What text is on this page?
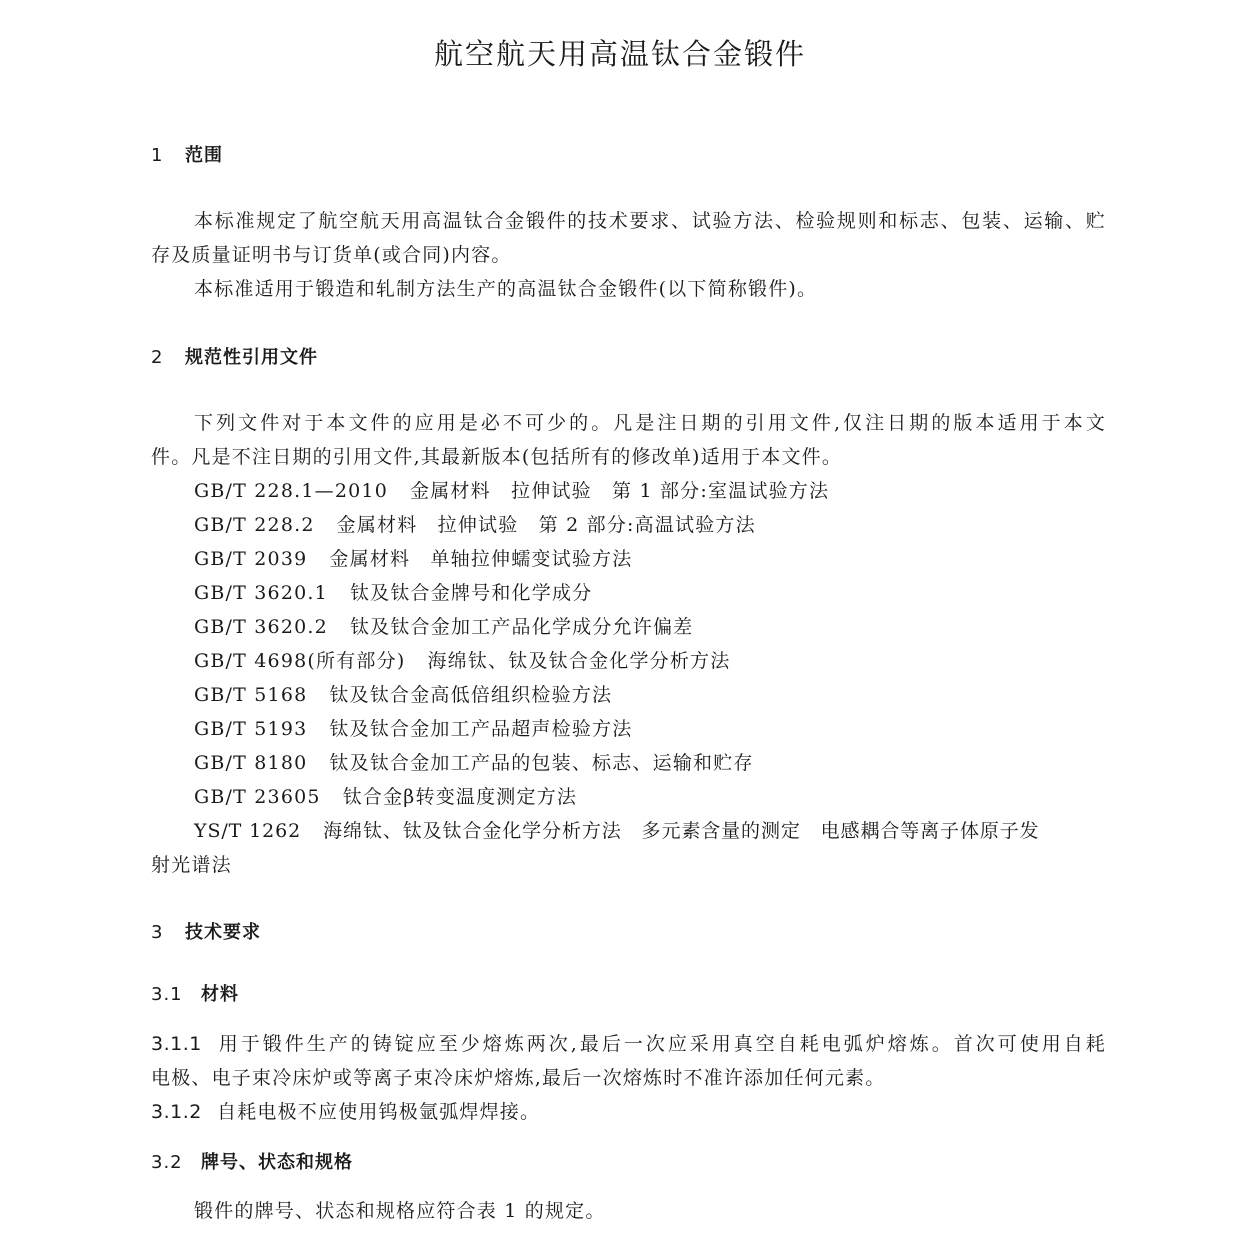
航空航天用高温钛合金锻件
1 范围
本标准规定了航空航天用高温钛合金锻件的技术要求、试验方法、检验规则和标志、包装、运输、贮
存及质量证明书与订货单(或合同)内容。
本标准适用于锻造和轧制方法生产的高温钛合金锻件(以下简称锻件)。
2 规范性引用文件
下列文件对于本文件的应用是必不可少的。凡是注日期的引用文件,仅注日期的版本适用于本文
件。凡是不注日期的引用文件,其最新版本(包括所有的修改单)适用于本文件。
GB/T 228.1—2010 金属材料　拉伸试验　第 1 部分:室温试验方法
GB/T 228.2 金属材料　拉伸试验　第 2 部分:高温试验方法
GB/T 2039 金属材料　单轴拉伸蠕变试验方法
GB/T 3620.1 钛及钛合金牌号和化学成分
GB/T 3620.2 钛及钛合金加工产品化学成分允许偏差
GB/T 4698(所有部分) 海绵钛、钛及钛合金化学分析方法
GB/T 5168 钛及钛合金高低倍组织检验方法
GB/T 5193 钛及钛合金加工产品超声检验方法
GB/T 8180 钛及钛合金加工产品的包装、标志、运输和贮存
GB/T 23605 钛合金β转变温度测定方法
YS/T 1262 海绵钛、钛及钛合金化学分析方法　多元素含量的测定　电感耦合等离子体原子发
射光谱法
3 技术要求
3.1 材料
3.1.1 用于锻件生产的铸锭应至少熔炼两次,最后一次应采用真空自耗电弧炉熔炼。首次可使用自耗
电极、电子束冷床炉或等离子束冷床炉熔炼,最后一次熔炼时不准许添加任何元素。
3.1.2 自耗电极不应使用钨极氩弧焊焊接。
3.2 牌号、状态和规格
锻件的牌号、状态和规格应符合表 1 的规定。
